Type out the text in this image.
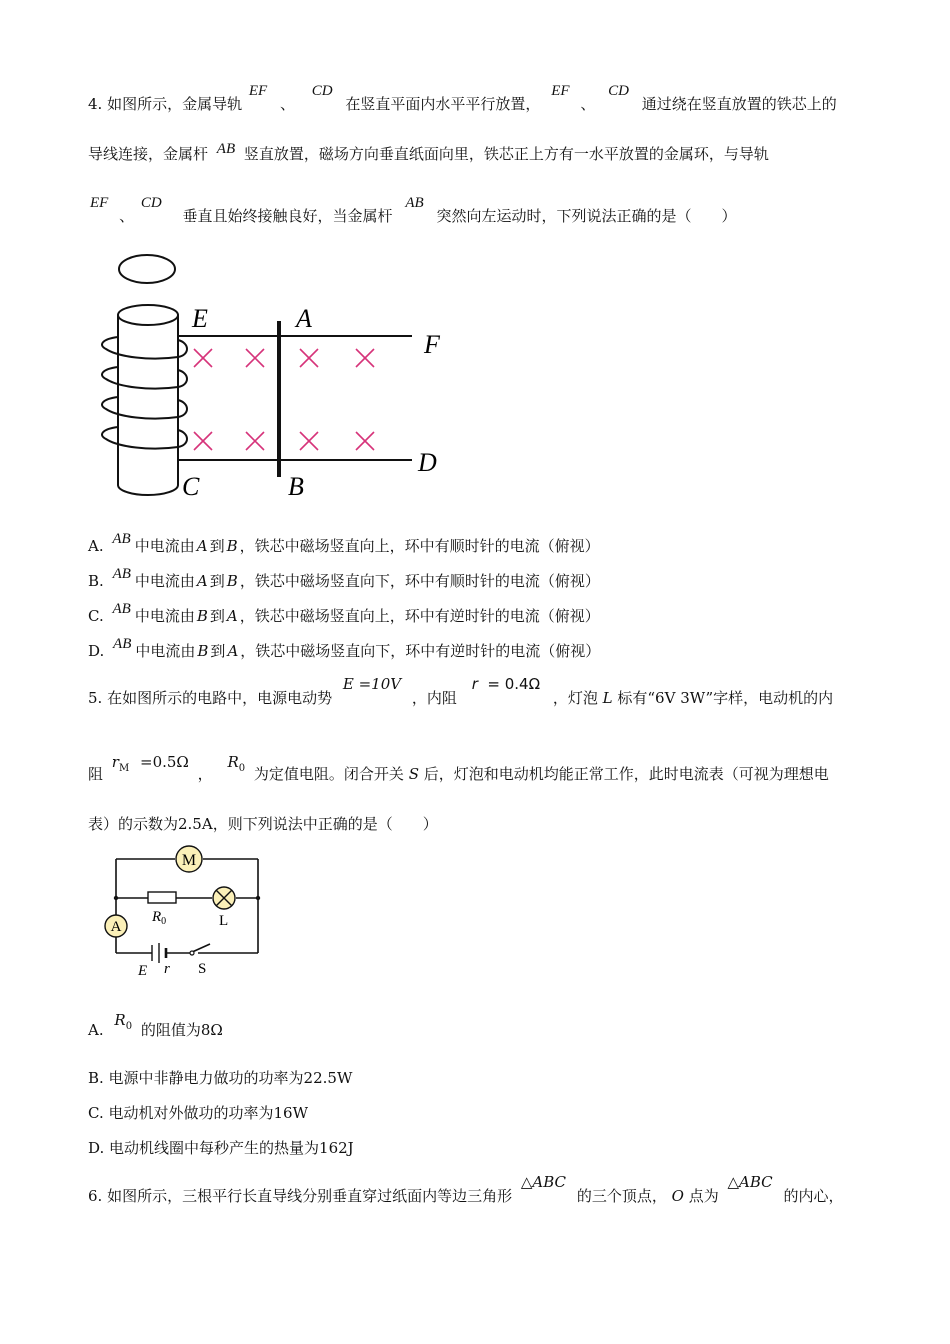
4. 如图所示，金属导轨 EF 、 CD 在竖直平面内水平平行放置， EF 、 CD 通过绕在竖直放置的铁芯上的
导线连接，金属杆 AB 竖直放置，磁场方向垂直纸面向里，铁芯正上方有一水平放置的金属环，与导轨
EF 、 CD 垂直且始终接触良好，当金属杆 AB 突然向左运动时，下列说法正确的是（　　）
E	A
F
C	B
D
A. AB 中电流由 A 到 B ，铁芯中磁场竖直向上，环中有顺时针的电流（俯视）
B. AB 中电流由 A 到 B ，铁芯中磁场竖直向下，环中有顺时针的电流（俯视）
C. AB 中电流由 B 到 A ，铁芯中磁场竖直向上，环中有逆时针的电流（俯视）
D. AB 中电流由 B 到 A ，铁芯中磁场竖直向下，环中有逆时针的电流（俯视）
5. 在如图所示的电路中，电源电动势 E =10V ，内阻 r = 0.4Ω ，灯泡 L 标有“6V 3W”字样，电动机的内
阻 $r_M =0.5\Omega$ ， $R_0$ 为定值电阻。闭合开关 S 后，灯泡和电动机均能正常工作，此时电流表（可视为理想电
表）的示数为2.5A，则下列说法中正确的是（　　）
M
$R_0$	L
A
E r S
A. $R_0$ 的阻值为8Ω
B. 电源中非静电力做功的功率为22.5W
C. 电动机对外做功的功率为16W
D. 电动机线圈中每秒产生的热量为162J
6. 如图所示，三根平行长直导线分别垂直穿过纸面内等边三角形 △ABC 的三个顶点， O 点为 △ABC 的内心，
